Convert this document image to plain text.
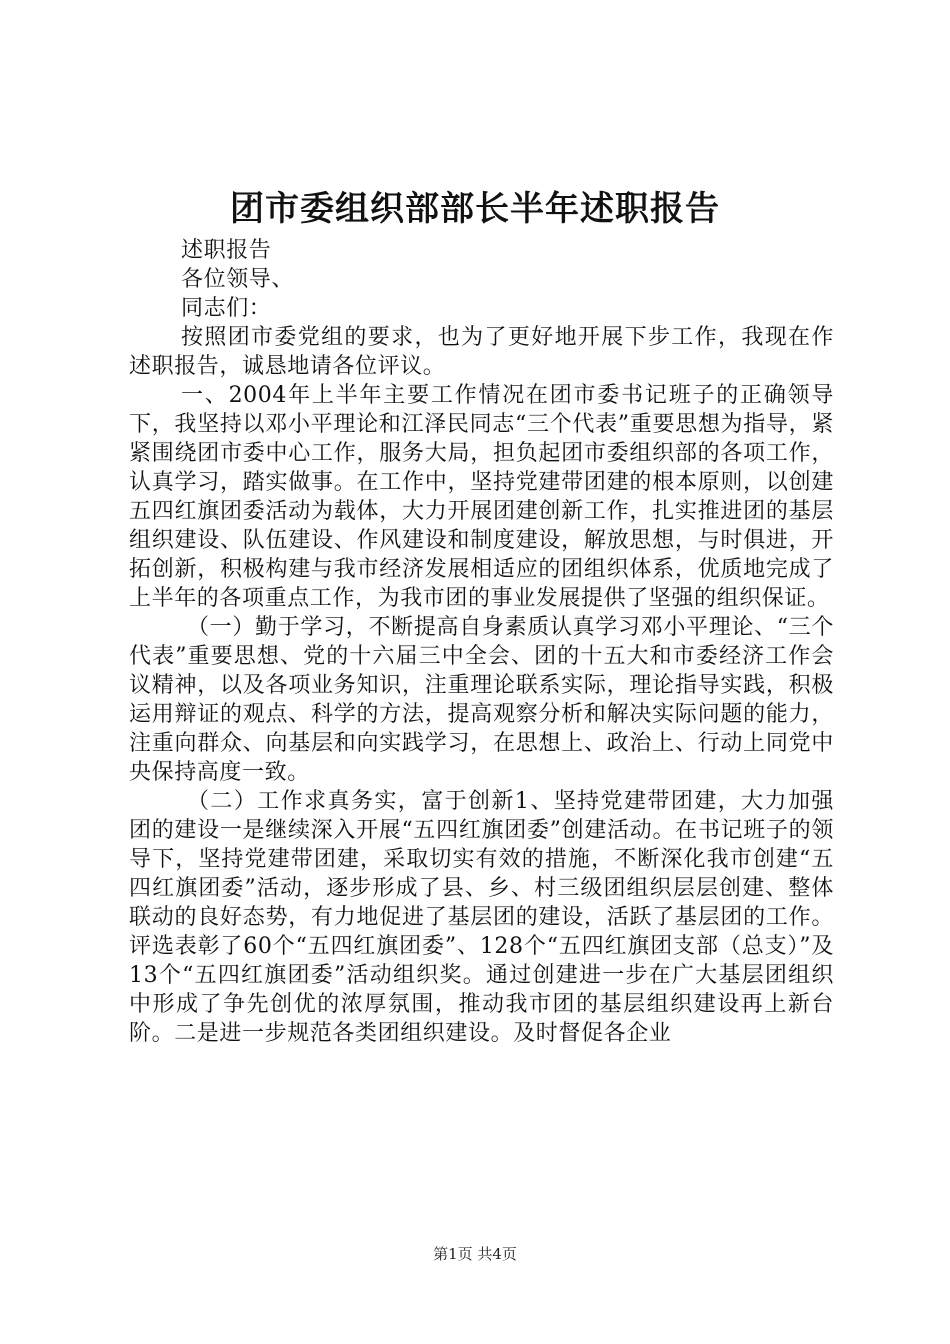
团市委组织部部长半年述职报告

述职报告

各位领导、

同志们：

按照团市委党组的要求，也为了更好地开展下步工作，我现在作述职报告，诚恳地请各位评议。

一、2004年上半年主要工作情况在团市委书记班子的正确领导下，我坚持以邓小平理论和江泽民同志“三个代表”重要思想为指导，紧紧围绕团市委中心工作，服务大局，担负起团市委组织部的各项工作，认真学习，踏实做事。在工作中，坚持党建带团建的根本原则，以创建五四红旗团委活动为载体，大力开展团建创新工作，扎实推进团的基层组织建设、队伍建设、作风建设和制度建设，解放思想，与时俱进，开拓创新，积极构建与我市经济发展相适应的团组织体系，优质地完成了上半年的各项重点工作，为我市团的事业发展提供了坚强的组织保证。

（一）勤于学习，不断提高自身素质认真学习邓小平理论、“三个代表”重要思想、党的十六届三中全会、团的十五大和市委经济工作会议精神，以及各项业务知识，注重理论联系实际，理论指导实践，积极运用辩证的观点、科学的方法，提高观察分析和解决实际问题的能力，注重向群众、向基层和向实践学习，在思想上、政治上、行动上同党中央保持高度一致。

（二）工作求真务实，富于创新1、坚持党建带团建，大力加强团的建设一是继续深入开展“五四红旗团委”创建活动。在书记班子的领导下，坚持党建带团建，采取切实有效的措施，不断深化我市创建“五四红旗团委”活动，逐步形成了县、乡、村三级团组织层层创建、整体联动的良好态势，有力地促进了基层团的建设，活跃了基层团的工作。评选表彰了60个“五四红旗团委”、128个“五四红旗团支部（总支）”及13个“五四红旗团委”活动组织奖。通过创建进一步在广大基层团组织中形成了争先创优的浓厚氛围，推动我市团的基层组织建设再上新台阶。二是进一步规范各类团组织建设。及时督促各企业

第1页 共4页
